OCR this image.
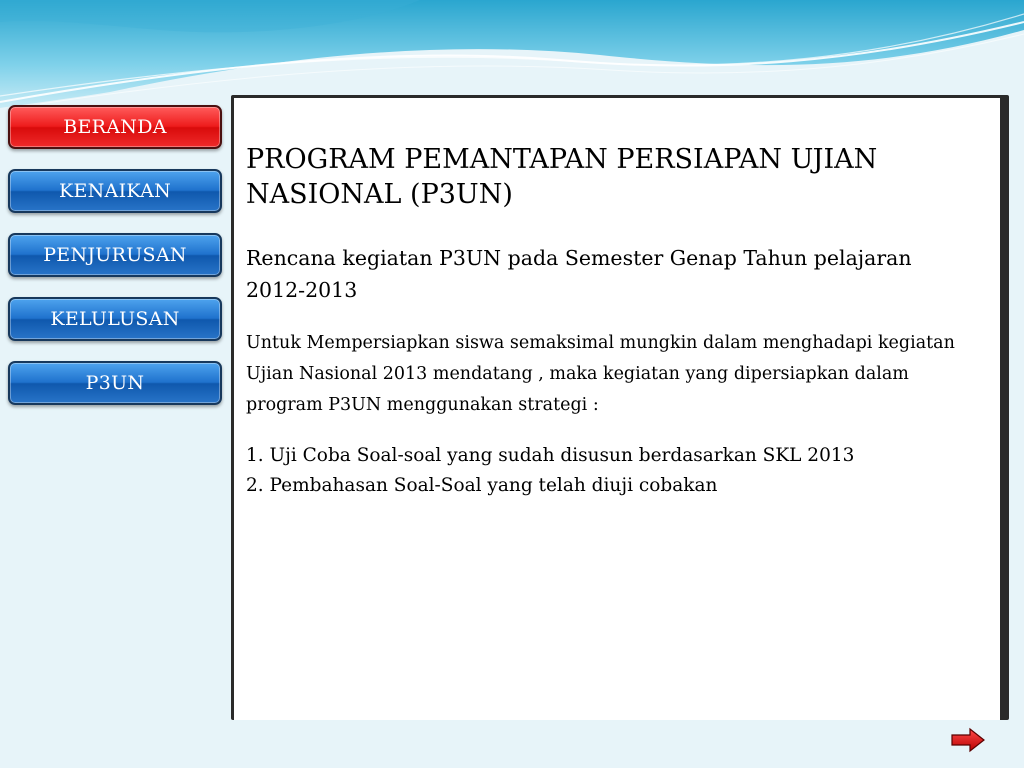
BERANDA
KENAIKAN
PENJURUSAN
KELULUSAN
P3UN
PROGRAM PEMANTAPAN PERSIAPAN UJIAN NASIONAL (P3UN)
Rencana kegiatan P3UN pada Semester Genap Tahun pelajaran 2012-2013
Untuk Mempersiapkan siswa semaksimal mungkin dalam menghadapi kegiatan Ujian Nasional 2013 mendatang , maka kegiatan yang dipersiapkan dalam program P3UN menggunakan strategi :
1. Uji Coba Soal-soal yang sudah disusun berdasarkan SKL 2013
2. Pembahasan Soal-Soal yang telah diuji cobakan
